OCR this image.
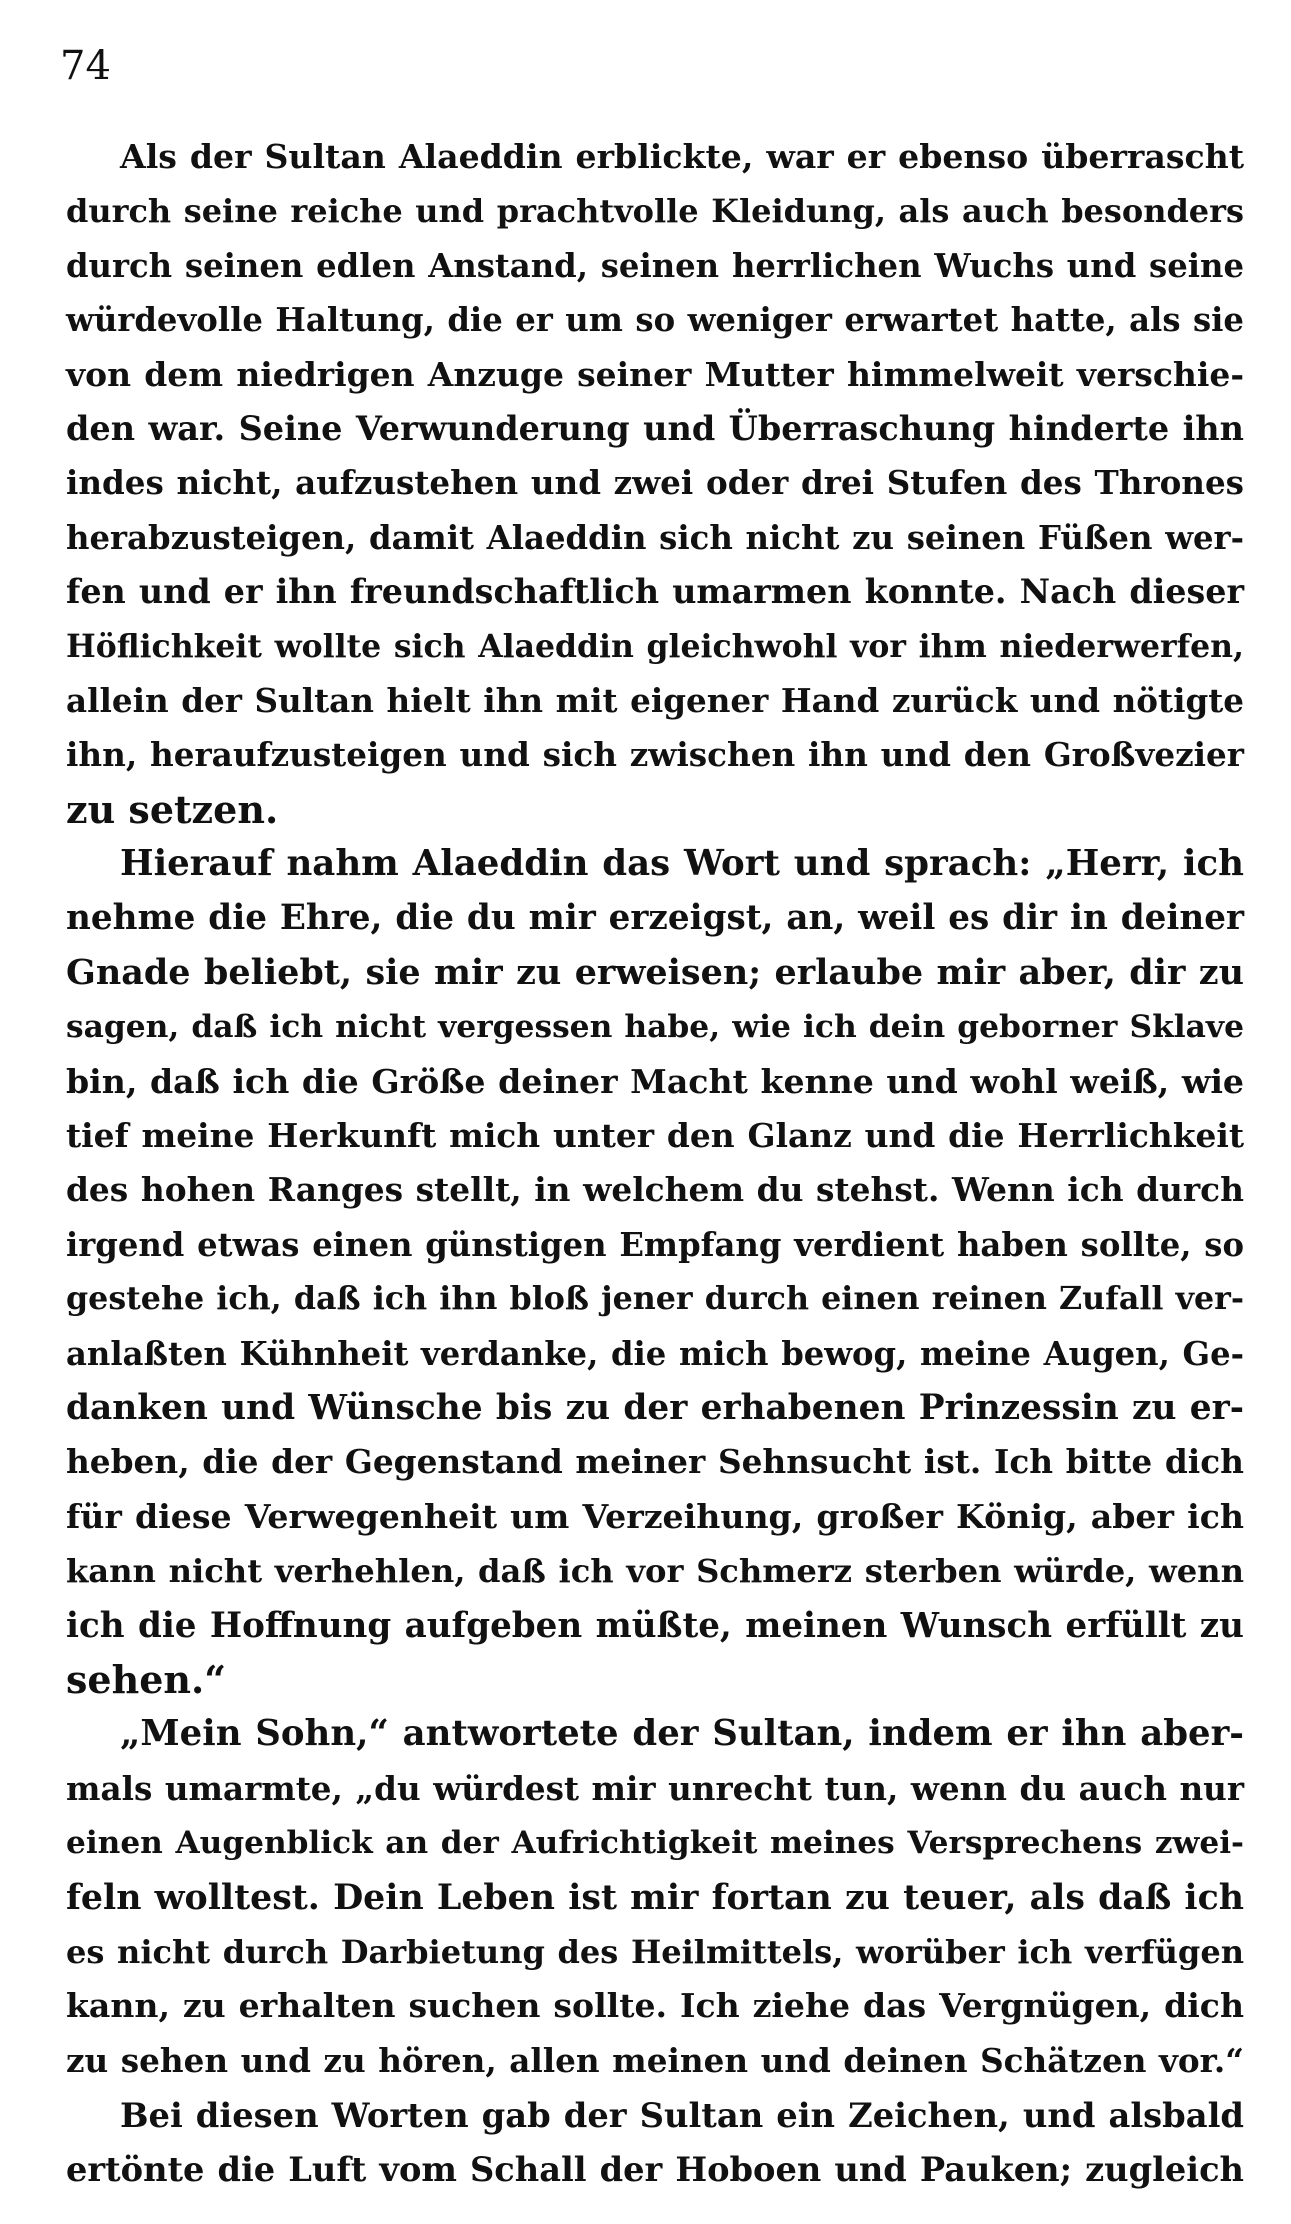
74
Als der Sultan Alaeddin erblickte, war er ebenso überrascht
durch seine reiche und prachtvolle Kleidung, als auch besonders
durch seinen edlen Anstand, seinen herrlichen Wuchs und seine
würdevolle Haltung, die er um so weniger erwartet hatte, als sie
von dem niedrigen Anzuge seiner Mutter himmelweit verschie-
den war. Seine Verwunderung und Überraschung hinderte ihn
indes nicht, aufzustehen und zwei oder drei Stufen des Thrones
herabzusteigen, damit Alaeddin sich nicht zu seinen Füßen wer-
fen und er ihn freundschaftlich umarmen konnte. Nach dieser
Höflichkeit wollte sich Alaeddin gleichwohl vor ihm niederwerfen,
allein der Sultan hielt ihn mit eigener Hand zurück und nötigte
ihn, heraufzusteigen und sich zwischen ihn und den Großvezier
zu setzen.
Hierauf nahm Alaeddin das Wort und sprach: „Herr, ich
nehme die Ehre, die du mir erzeigst, an, weil es dir in deiner
Gnade beliebt, sie mir zu erweisen; erlaube mir aber, dir zu
sagen, daß ich nicht vergessen habe, wie ich dein geborner Sklave
bin, daß ich die Größe deiner Macht kenne und wohl weiß, wie
tief meine Herkunft mich unter den Glanz und die Herrlichkeit
des hohen Ranges stellt, in welchem du stehst. Wenn ich durch
irgend etwas einen günstigen Empfang verdient haben sollte, so
gestehe ich, daß ich ihn bloß jener durch einen reinen Zufall ver-
anlaßten Kühnheit verdanke, die mich bewog, meine Augen, Ge-
danken und Wünsche bis zu der erhabenen Prinzessin zu er-
heben, die der Gegenstand meiner Sehnsucht ist. Ich bitte dich
für diese Verwegenheit um Verzeihung, großer König, aber ich
kann nicht verhehlen, daß ich vor Schmerz sterben würde, wenn
ich die Hoffnung aufgeben müßte, meinen Wunsch erfüllt zu
sehen.“
„Mein Sohn,“ antwortete der Sultan, indem er ihn aber-
mals umarmte, „du würdest mir unrecht tun, wenn du auch nur
einen Augenblick an der Aufrichtigkeit meines Versprechens zwei-
feln wolltest. Dein Leben ist mir fortan zu teuer, als daß ich
es nicht durch Darbietung des Heilmittels, worüber ich verfügen
kann, zu erhalten suchen sollte. Ich ziehe das Vergnügen, dich
zu sehen und zu hören, allen meinen und deinen Schätzen vor.“
Bei diesen Worten gab der Sultan ein Zeichen, und alsbald
ertönte die Luft vom Schall der Hoboen und Pauken; zugleich
